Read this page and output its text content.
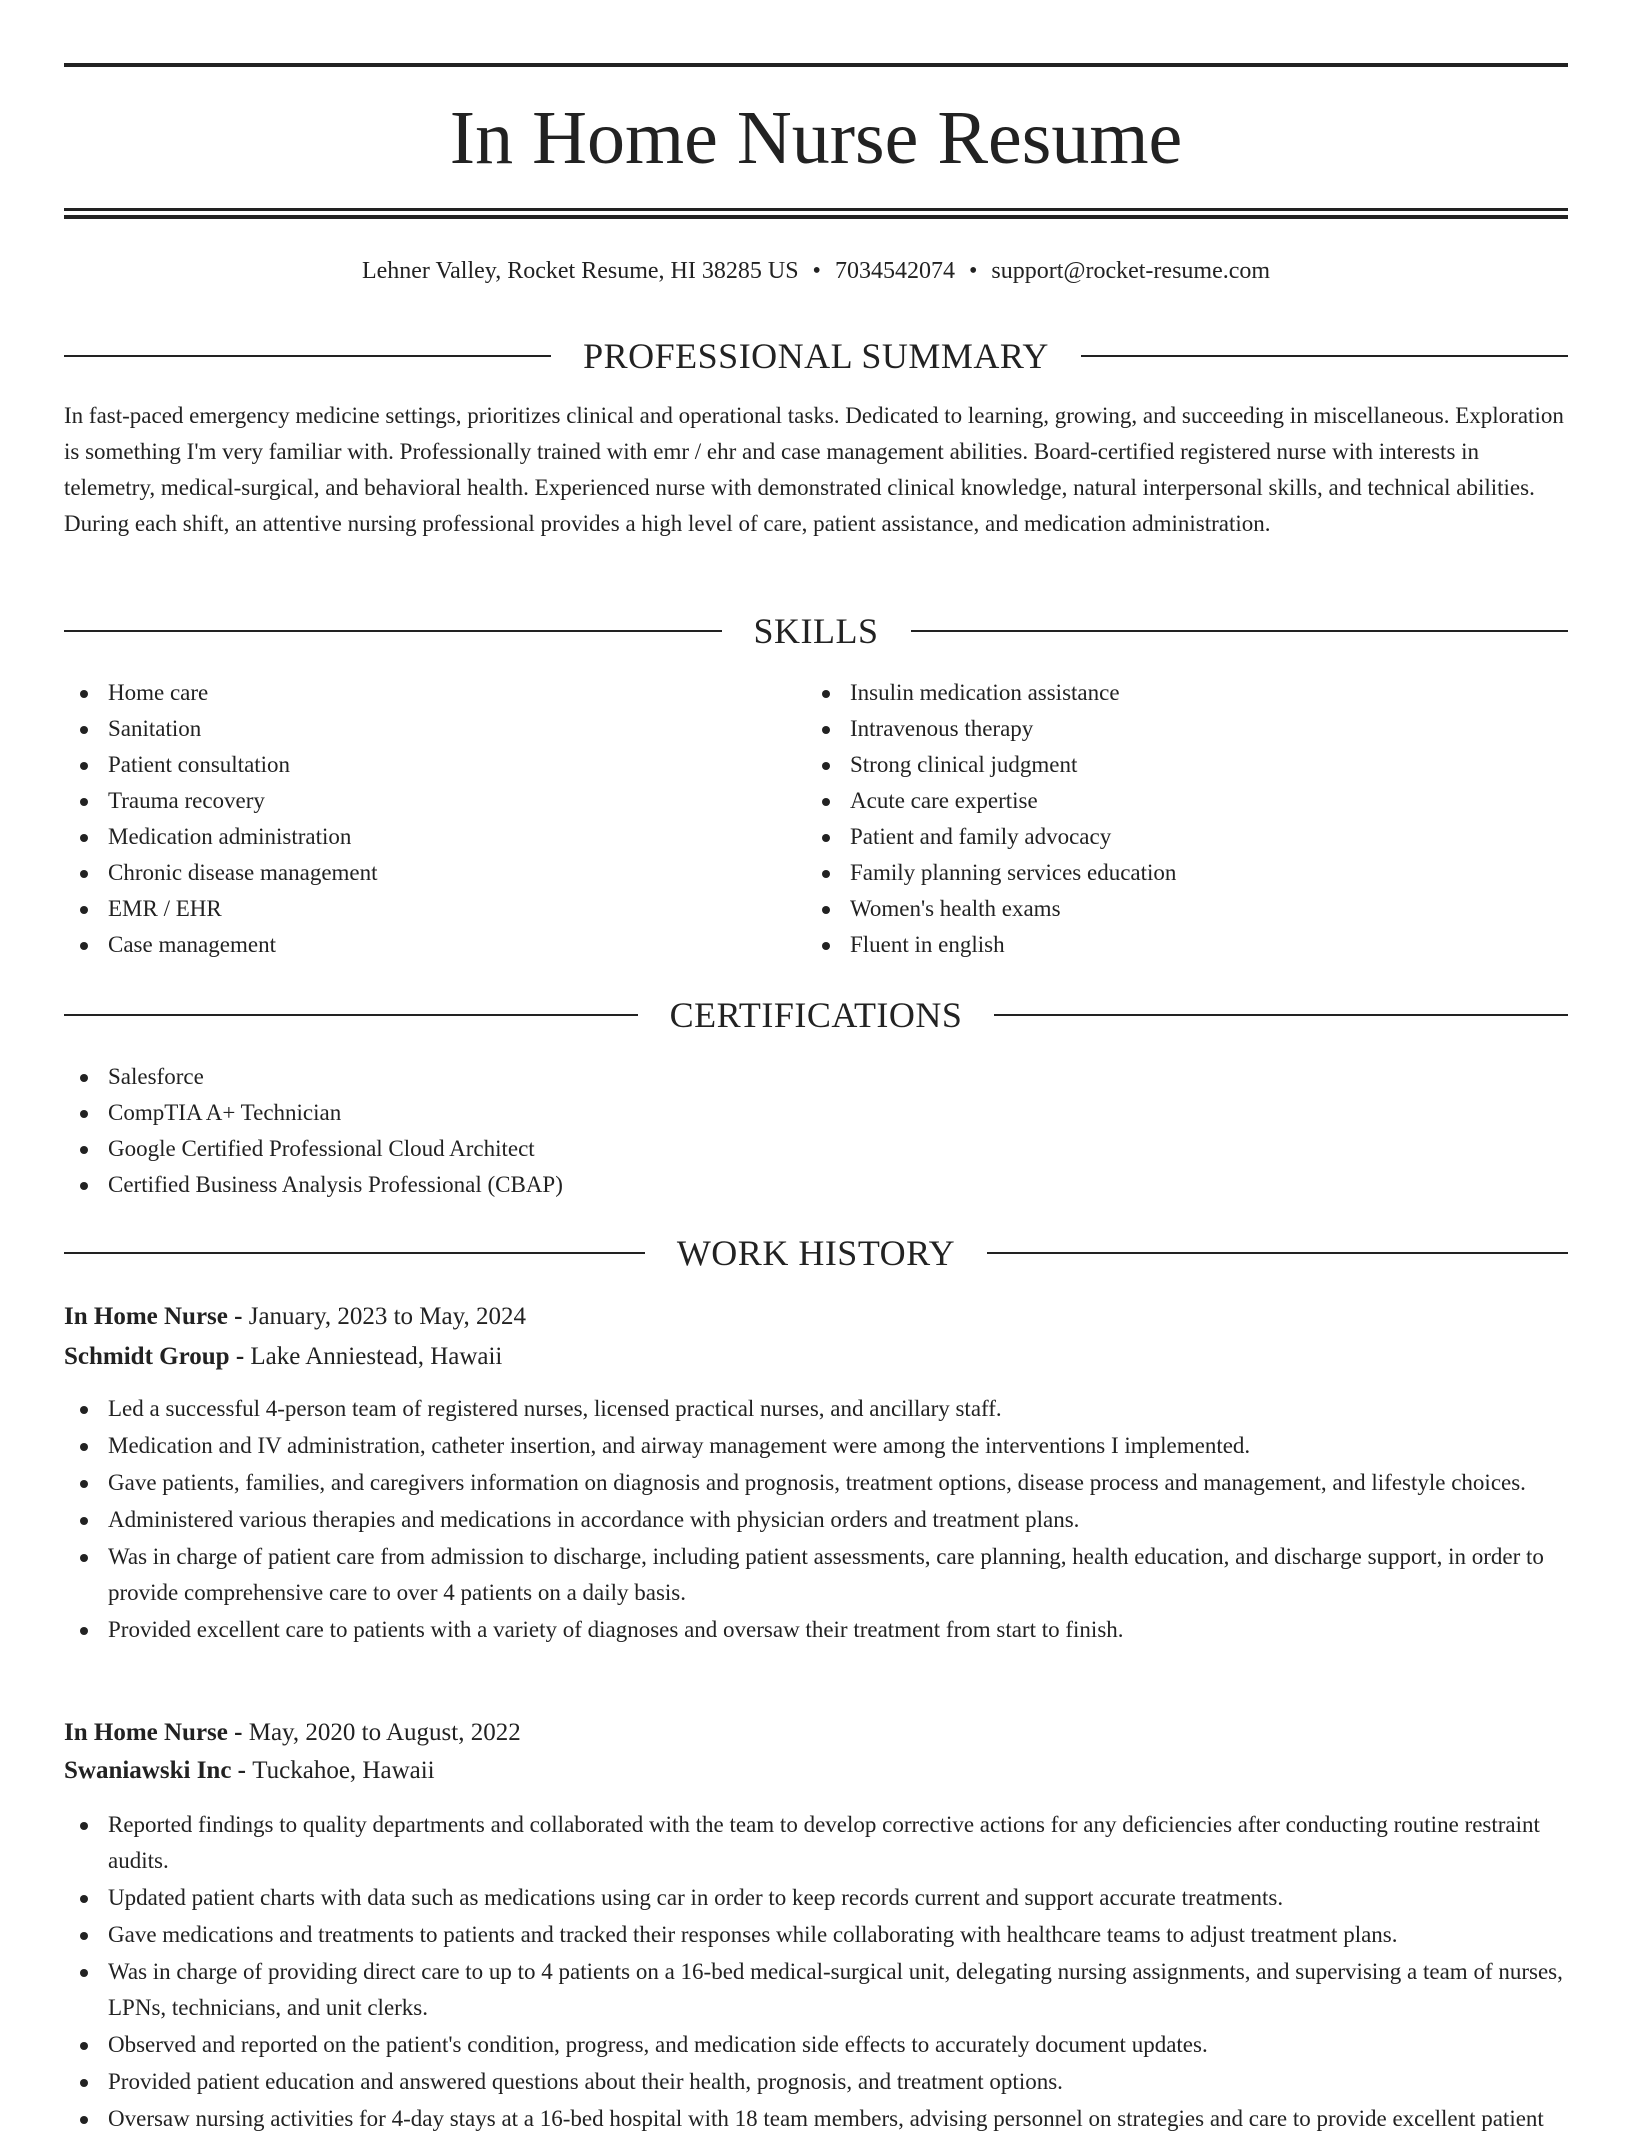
In Home Nurse Resume
Lehner Valley, Rocket Resume, HI 38285 US • 7034542074 • support@rocket-resume.com
PROFESSIONAL SUMMARY

In fast-paced emergency medicine settings, prioritizes clinical and operational tasks. Dedicated to learning, growing, and succeeding in miscellaneous. Exploration is something I'm very familiar with. Professionally trained with emr / ehr and case management abilities. Board-certified registered nurse with interests in telemetry, medical-surgical, and behavioral health. Experienced nurse with demonstrated clinical knowledge, natural interpersonal skills, and technical abilities. During each shift, an attentive nursing professional provides a high level of care, patient assistance, and medication administration.

SKILLS
Home care
Sanitation
Patient consultation
Trauma recovery
Medication administration
Chronic disease management
EMR / EHR
Case management
Insulin medication assistance
Intravenous therapy
Strong clinical judgment
Acute care expertise
Patient and family advocacy
Family planning services education
Women's health exams
Fluent in english
CERTIFICATIONS
Salesforce
CompTIA A+ Technician
Google Certified Professional Cloud Architect
Certified Business Analysis Professional (CBAP)
WORK HISTORY
In Home Nurse - January, 2023 to May, 2024
Schmidt Group - Lake Anniestead, Hawaii
Led a successful 4-person team of registered nurses, licensed practical nurses, and ancillary staff.
Medication and IV administration, catheter insertion, and airway management were among the interventions I implemented.
Gave patients, families, and caregivers information on diagnosis and prognosis, treatment options, disease process and management, and lifestyle choices.
Administered various therapies and medications in accordance with physician orders and treatment plans.
Was in charge of patient care from admission to discharge, including patient assessments, care planning, health education, and discharge support, in order to provide comprehensive care to over 4 patients on a daily basis.
Provided excellent care to patients with a variety of diagnoses and oversaw their treatment from start to finish.
In Home Nurse - May, 2020 to August, 2022
Swaniawski Inc - Tuckahoe, Hawaii
Reported findings to quality departments and collaborated with the team to develop corrective actions for any deficiencies after conducting routine restraint audits.
Updated patient charts with data such as medications using car in order to keep records current and support accurate treatments.
Gave medications and treatments to patients and tracked their responses while collaborating with healthcare teams to adjust treatment plans.
Was in charge of providing direct care to up to 4 patients on a 16-bed medical-surgical unit, delegating nursing assignments, and supervising a team of nurses, LPNs, technicians, and unit clerks.
Observed and reported on the patient's condition, progress, and medication side effects to accurately document updates.
Provided patient education and answered questions about their health, prognosis, and treatment options.
Oversaw nursing activities for 4-day stays at a 16-bed hospital with 18 team members, advising personnel on strategies and care to provide excellent patient
